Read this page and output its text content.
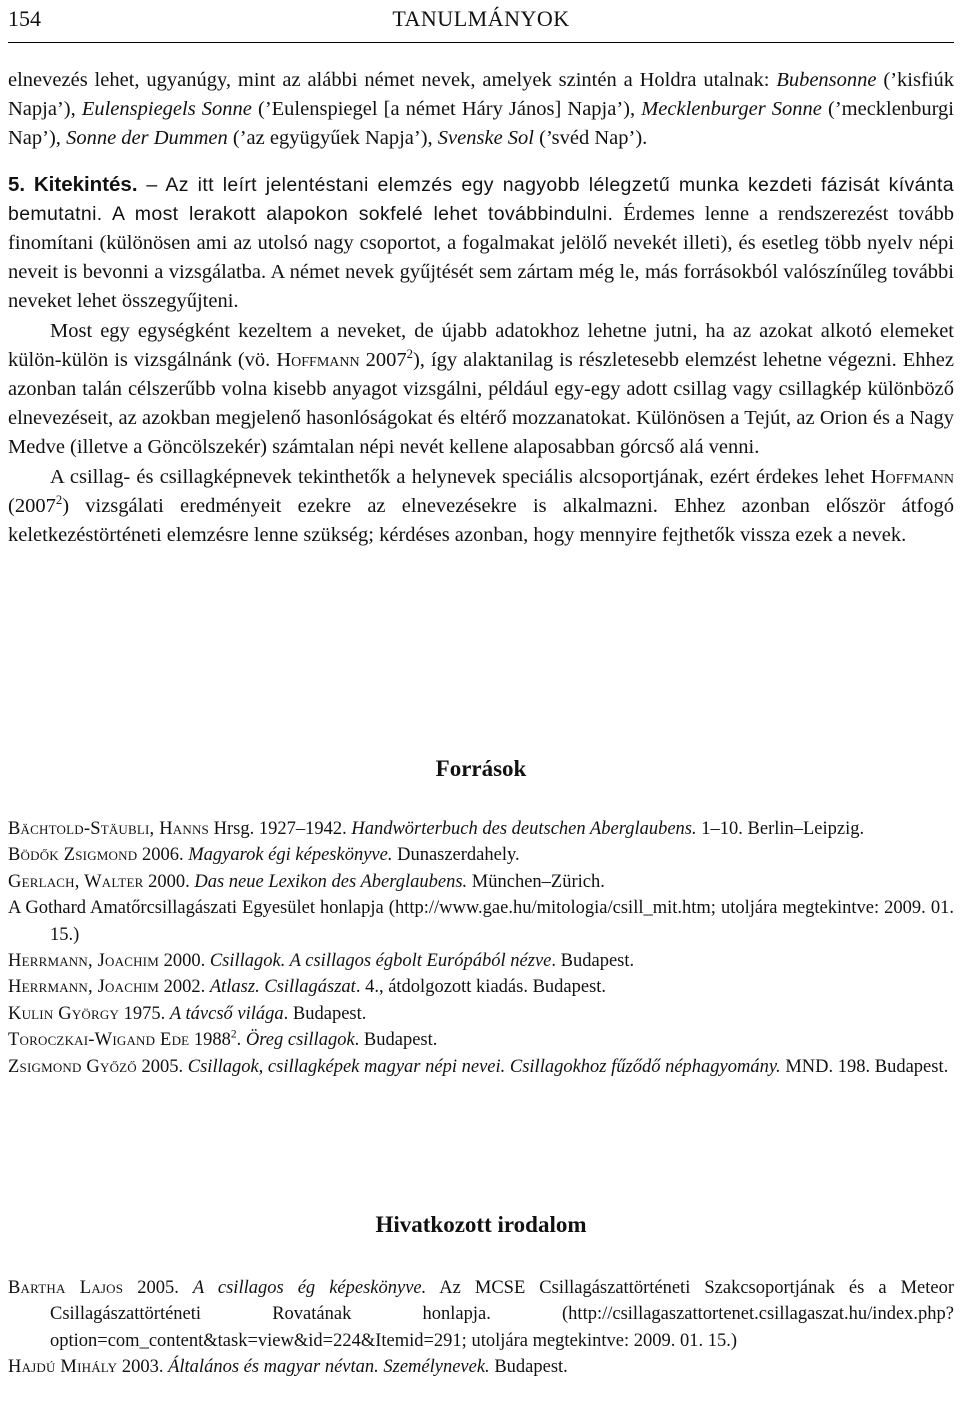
154	TANULMÁNYOK

elnevezés lehet, ugyanúgy, mint az alábbi német nevek, amelyek szintén a Holdra utalnak: Bubensonne (’kisfiúk Napja’), Eulenspiegels Sonne (’Eulenspiegel [a német Háry János] Napja’), Mecklenburger Sonne (’mecklenburgi Nap’), Sonne der Dummen (’az együgyűek Napja’), Svenske Sol (’svéd Nap’).

5. Kitekintés. – Az itt leírt jelentéstani elemzés egy nagyobb lélegzetű munka kezdeti fázisát kívánta bemutatni. A most lerakott alapokon sokfelé lehet továbbindulni. Érdemes lenne a rendszerezést tovább finomítani (különösen ami az utolsó nagy csoportot, a fogalmakat jelölő nevekét illeti), és esetleg több nyelv népi neveit is bevonni a vizsgálatba. A német nevek gyűjtését sem zártam még le, más forrásokból valószínűleg további neveket lehet összegyűjteni.

Most egy egységként kezeltem a neveket, de újabb adatokhoz lehetne jutni, ha az azokat alkotó elemeket külön-külön is vizsgálnánk (vö. Hoffmann 2007$^2$), így alaktanilag is részletesebb elemzést lehetne végezni. Ehhez azonban talán célszerűbb volna kisebb anyagot vizsgálni, például egy-egy adott csillag vagy csillagkép különböző elnevezéseit, az azokban megjelenő hasonlóságokat és eltérő mozzanatokat. Különösen a Tejút, az Orion és a Nagy Medve (illetve a Göncölszekér) számtalan népi nevét kellene alaposabban górcső alá venni.

A csillag- és csillagképnevek tekinthetők a helynevek speciális alcsoportjának, ezért érdekes lehet Hoffmann (2007$^2$) vizsgálati eredményeit ezekre az elnevezésekre is alkalmazni. Ehhez azonban először átfogó keletkezéstörténeti elemzésre lenne szükség; kérdéses azonban, hogy mennyire fejthetők vissza ezek a nevek.

Források

Bächtold-Stäubli, Hanns Hrsg. 1927–1942. Handwörterbuch des deutschen Aberglaubens. 1–10. Berlin–Leipzig.

Bödők Zsigmond 2006. Magyarok égi képeskönyve. Dunaszerdahely.

Gerlach, Walter 2000. Das neue Lexikon des Aberglaubens. München–Zürich.

A Gothard Amatőrcsillagászati Egyesület honlapja (http://www.gae.hu/mitologia/csill_mit.htm; utoljára megtekintve: 2009. 01. 15.)

Herrmann, Joachim 2000. Csillagok. A csillagos égbolt Európából nézve. Budapest.

Herrmann, Joachim 2002. Atlasz. Csillagászat. 4., átdolgozott kiadás. Budapest.

Kulin György 1975. A távcső világa. Budapest.

Toroczkai-Wigand Ede 1988$^2$. Öreg csillagok. Budapest.

Zsigmond Győző 2005. Csillagok, csillagképek magyar népi nevei. Csillagokhoz fűződő néphagyomány. MND. 198. Budapest.

Hivatkozott irodalom

Bartha Lajos 2005. A csillagos ég képeskönyve. Az MCSE Csillagászattörténeti Szakcsoportjának és a Meteor Csillagászattörténeti Rovatának honlapja. (http://csillagaszattortenet.csillagaszat.hu/index.php?option=com_content&task=view&id=224&Itemid=291; utoljára megtekintve: 2009. 01. 15.)

Hajdú Mihály 2003. Általános és magyar névtan. Személynevek. Budapest.
